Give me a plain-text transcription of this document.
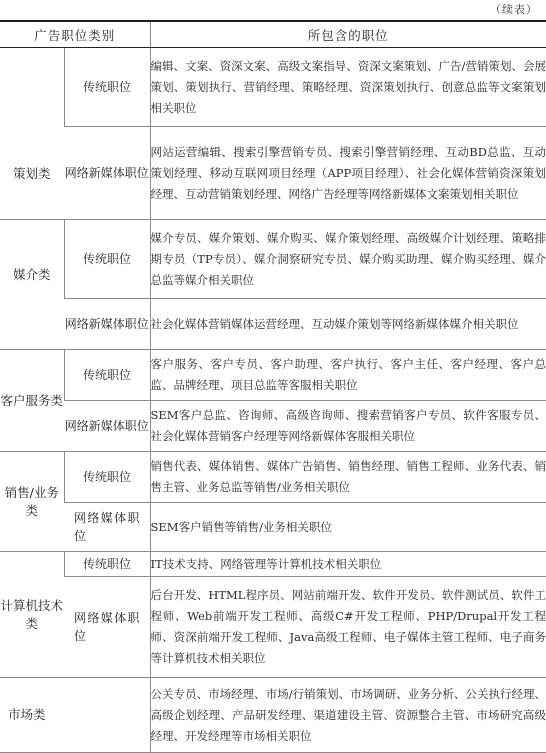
（续表）
广告职位类别		所包含的职位
策划类	传统职位	编辑、文案、资深文案、高级文案指导、资深文案策划、广告/营销策划、会展策划、策划执行、营销经理、策略经理、资深策划执行、创意总监等文案策划相关职位
	网络新媒体职位	网站运营编辑、搜索引擎营销专员、搜索引擎营销经理、互动BD总监、互动策划经理、移动互联网项目经理（APP项目经理）、社会化媒体营销资深策划经理、互动营销策划经理、网络广告经理等网络新媒体文案策划相关职位
媒介类	传统职位	媒介专员、媒介策划、媒介购买、媒介策划经理、高级媒介计划经理、策略排期专员（TP专员）、媒介洞察研究专员、媒介购买助理、媒介购买经理、媒介总监等媒介相关职位
	网络新媒体职位	社会化媒体营销媒体运营经理、互动媒介策划等网络新媒体媒介相关职位
客户服务类	传统职位	客户服务、客户专员、客户助理、客户执行、客户主任、客户经理、客户总监、品牌经理、项目总监等客服相关职位
	网络新媒体职位	SEM客户总监、咨询师、高级咨询师、搜索营销客户专员、软件客服专员、社会化媒体营销客户经理等网络新媒体客服相关职位
销售/业务类	传统职位	销售代表、媒体销售、媒体广告销售、销售经理、销售工程师、业务代表、销售主管、业务总监等销售/业务相关职位
	网络媒体职位	SEM客户销售等销售/业务相关职位
计算机技术类	传统职位	IT技术支持、网络管理等计算机技术相关职位
	网络媒体职位	后台开发、HTML程序员、网站前端开发、软件开发员、软件测试员、软件工程师、Web前端开发工程师、高级C#开发工程师、PHP/Drupal开发工程师、资深前端开发工程师、Java高级工程师、电子媒体主管工程师、电子商务等计算机技术相关职位
市场类		公关专员、市场经理、市场/行销策划、市场调研、业务分析、公关执行经理、高级企划经理、产品研发经理、渠道建设主管、资源整合主管、市场研究高级经理、开发经理等市场相关职位
